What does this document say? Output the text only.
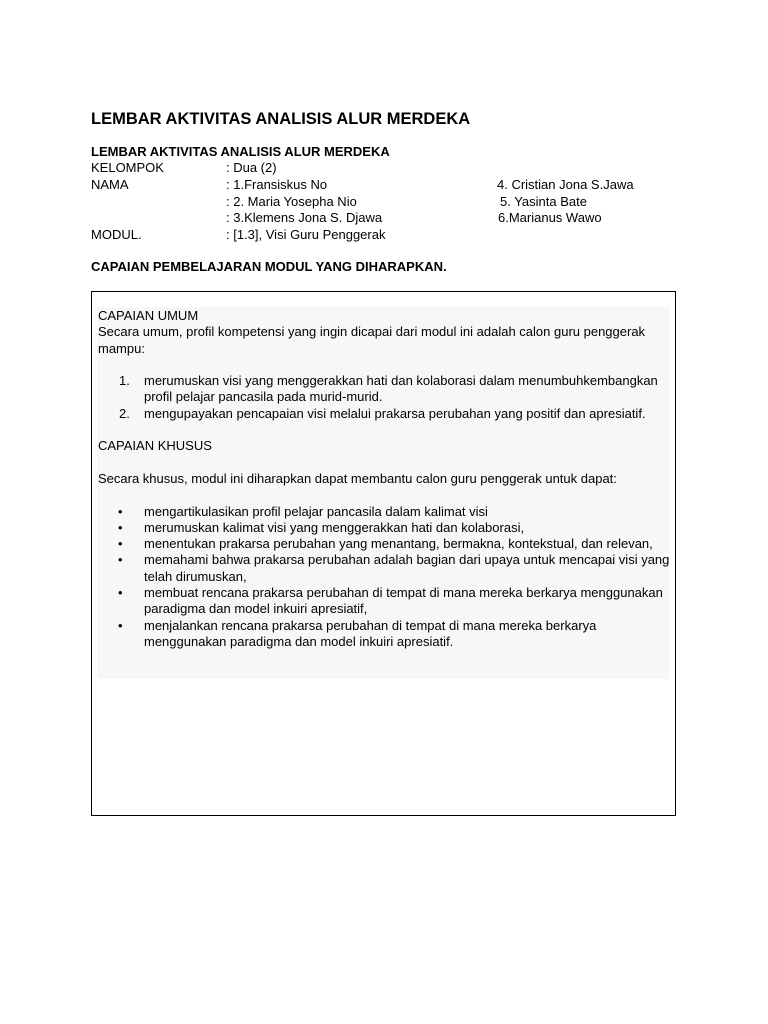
LEMBAR AKTIVITAS ANALISIS ALUR MERDEKA
LEMBAR AKTIVITAS ANALISIS ALUR MERDEKA
KELOMPOK	: Dua (2)
NAMA	: 1.Fransiskus No	4. Cristian Jona S.Jawa
: 2. Maria Yosepha Nio	5. Yasinta Bate
: 3.Klemens Jona S. Djawa	6.Marianus Wawo
MODUL.	: [1.3], Visi Guru Penggerak
CAPAIAN PEMBELAJARAN MODUL YANG DIHARAPKAN.

CAPAIAN UMUM

Secara umum, profil kompetensi yang ingin dicapai dari modul ini adalah calon guru penggerak mampu:

1. merumuskan visi yang menggerakkan hati dan kolaborasi dalam menumbuhkembangkan profil pelajar pancasila pada murid-murid.
2. mengupayakan pencapaian visi melalui prakarsa perubahan yang positif dan apresiatif.

CAPAIAN KHUSUS

Secara khusus, modul ini diharapkan dapat membantu calon guru penggerak untuk dapat:

• mengartikulasikan profil pelajar pancasila dalam kalimat visi
• merumuskan kalimat visi yang menggerakkan hati dan kolaborasi,
• menentukan prakarsa perubahan yang menantang, bermakna, kontekstual, dan relevan,
• memahami bahwa prakarsa perubahan adalah bagian dari upaya untuk mencapai visi yang telah dirumuskan,
• membuat rencana prakarsa perubahan di tempat di mana mereka berkarya menggunakan paradigma dan model inkuiri apresiatif,
• menjalankan rencana prakarsa perubahan di tempat di mana mereka berkarya menggunakan paradigma dan model inkuiri apresiatif.
